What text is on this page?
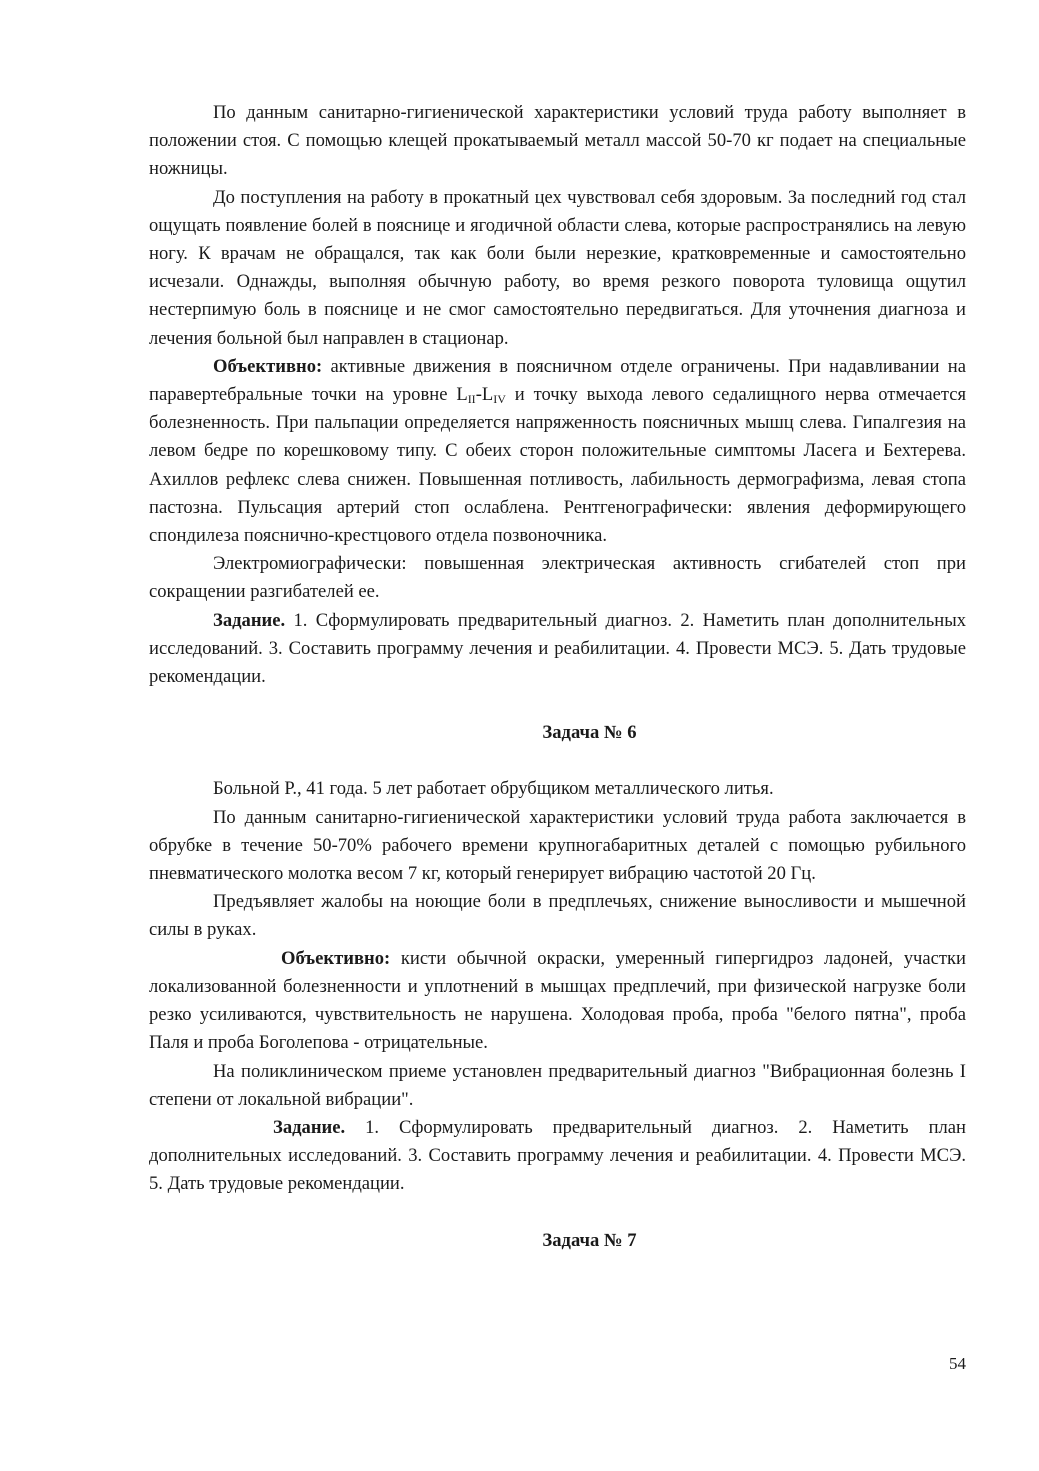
По данным санитарно-гигиенической характеристики условий труда работу выполняет в положении стоя. С помощью клещей прокатываемый металл массой 50-70 кг подает на специальные ножницы.

До поступления на работу в прокатный цех чувствовал себя здоровым. За последний год стал ощущать появление болей в пояснице и ягодичной области слева, которые распространялись на левую ногу. К врачам не обращался, так как боли были нерезкие, кратковременные и самостоятельно исчезали. Однажды, выполняя обычную работу, во время резкого поворота туловища ощутил нестерпимую боль в пояснице и не смог самостоятельно передвигаться. Для уточнения диагноза и лечения больной был направлен в стационар.

Объективно: активные движения в поясничном отделе ограничены. При надавливании на паравертебральные точки на уровне $L_{II}-L_{IV}$ и точку выхода левого седалищного нерва отмечается болезненность. При пальпации определяется напряженность поясничных мышц слева. Гипалгезия на левом бедре по корешковому типу. С обеих сторон положительные симптомы Ласега и Бехтерева. Ахиллов рефлекс слева снижен. Повышенная потливость, лабильность дермографизма, левая стопа пастозна. Пульсация артерий стоп ослаблена. Рентгенографически: явления деформирующего спондилеза пояснично-крестцового отдела позвоночника.

Электромиографически: повышенная электрическая активность сгибателей стоп при сокращении разгибателей ее.

Задание. 1. Сформулировать предварительный диагноз. 2. Наметить план дополнительных исследований. 3. Составить программу лечения и реабилитации. 4. Провести МСЭ. 5. Дать трудовые рекомендации.

Задача № 6

Больной Р., 41 года. 5 лет работает обрубщиком металлического литья.

По данным санитарно-гигиенической характеристики условий труда работа заключается в обрубке в течение 50-70% рабочего времени крупногабаритных деталей с помощью рубильного пневматического молотка весом 7 кг, который генерирует вибрацию частотой 20 Гц.

Предъявляет жалобы на ноющие боли в предплечьях, снижение выносливости и мышечной силы в руках.

Объективно: кисти обычной окраски, умеренный гипергидроз ладоней, участки локализованной болезненности и уплотнений в мышцах предплечий, при физической нагрузке боли резко усиливаются, чувствительность не нарушена. Холодовая проба, проба "белого пятна", проба Паля и проба Боголепова - отрицательные.

На поликлиническом приеме установлен предварительный диагноз "Вибрационная болезнь I степени от локальной вибрации".

Задание. 1. Сформулировать предварительный диагноз. 2. Наметить план дополнительных исследований. 3. Составить программу лечения и реабилитации. 4. Провести МСЭ. 5. Дать трудовые рекомендации.

Задача № 7

54
